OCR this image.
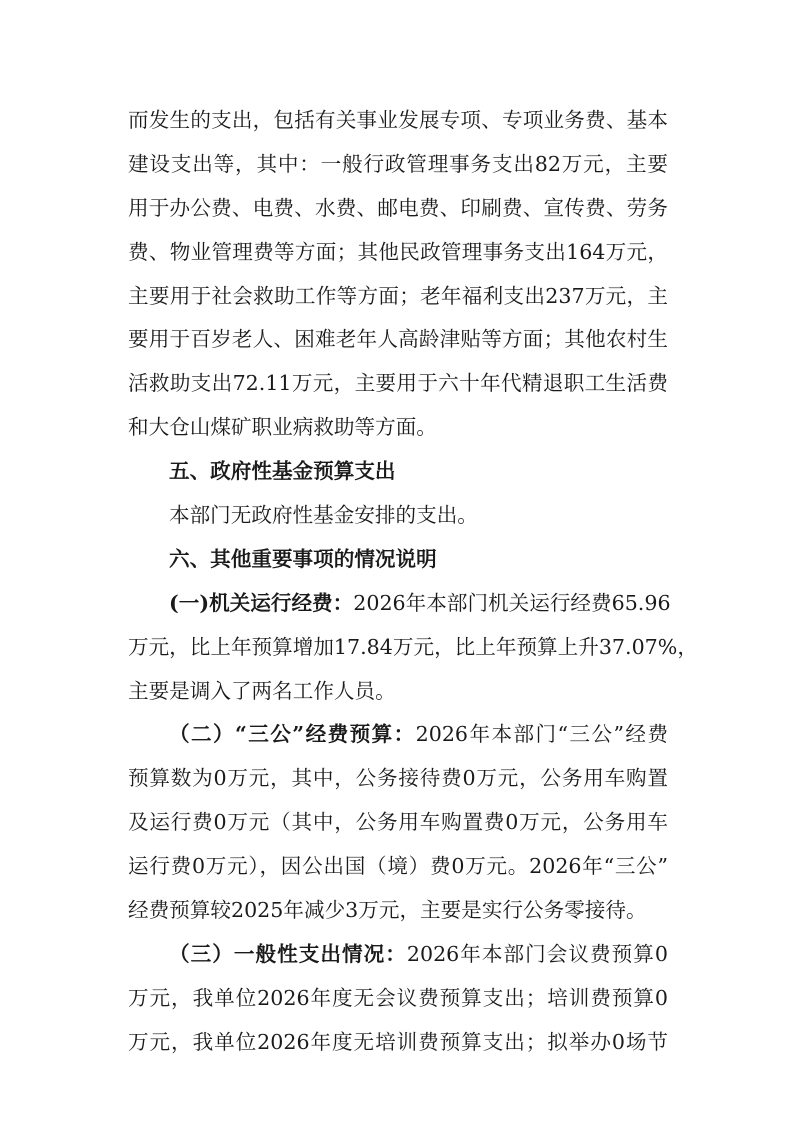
而发生的支出，包括有关事业发展专项、专项业务费、基本
建设支出等，其中：一般行政管理事务支出82万元，主要
用于办公费、电费、水费、邮电费、印刷费、宣传费、劳务
费、物业管理费等方面；其他民政管理事务支出164万元，
主要用于社会救助工作等方面；老年福利支出237万元，主
要用于百岁老人、困难老年人高龄津贴等方面；其他农村生
活救助支出72.11万元，主要用于六十年代精退职工生活费
和大仓山煤矿职业病救助等方面。
五、政府性基金预算支出
本部门无政府性基金安排的支出。
六、其他重要事项的情况说明
(一)机关运行经费：2026年本部门机关运行经费65.96
万元，比上年预算增加17.84万元，比上年预算上升37.07%，
主要是调入了两名工作人员。
（二）“三公”经费预算：2026年本部门“三公”经费
预算数为0万元，其中，公务接待费0万元，公务用车购置
及运行费0万元（其中，公务用车购置费0万元，公务用车
运行费0万元），因公出国（境）费0万元。2026年“三公”
经费预算较2025年减少3万元，主要是实行公务零接待。
（三）一般性支出情况：2026年本部门会议费预算0
万元，我单位2026年度无会议费预算支出；培训费预算0
万元，我单位2026年度无培训费预算支出；拟举办0场节
